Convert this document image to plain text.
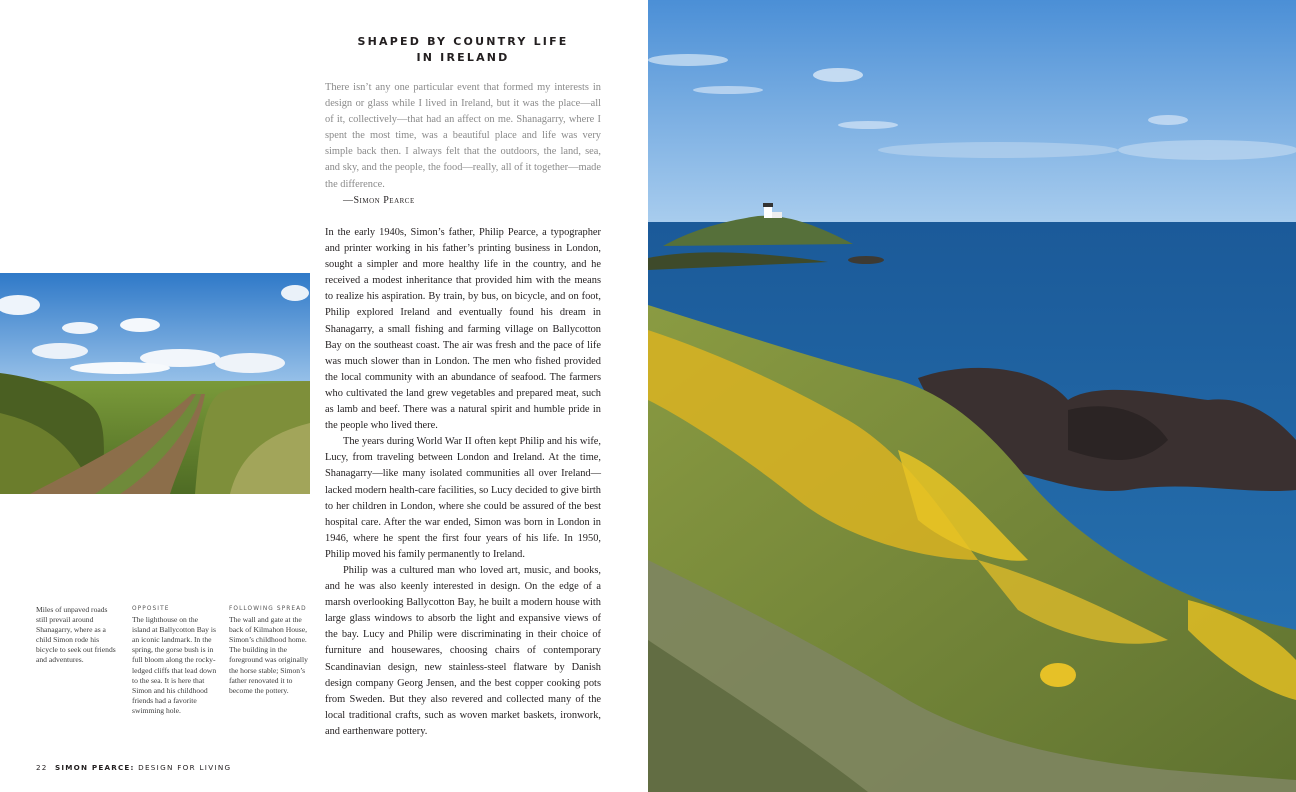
SHAPED BY COUNTRY LIFE
IN IRELAND

There isn’t any one particular event that formed my interests in design or glass while I lived in Ireland, but it was the place—all of it, collectively—that had an affect on me. Shanagarry, where I spent the most time, was a beautiful place and life was very simple back then. I always felt that the outdoors, the land, sea, and sky, and the people, the food—really, all of it together—made the difference.

—Simon Pearce

In the early 1940s, Simon’s father, Philip Pearce, a typographer and printer working in his father’s printing business in London, sought a simpler and more healthy life in the country, and he received a modest inheritance that provided him with the means to realize his aspiration. By train, by bus, on bicycle, and on foot, Philip explored Ireland and eventually found his dream in Shanagarry, a small fishing and farming village on Ballycotton Bay on the southeast coast. The air was fresh and the pace of life was much slower than in London. The men who fished provided the local community with an abundance of seafood. The farmers who cultivated the land grew vegetables and prepared meat, such as lamb and beef. There was a natural spirit and humble pride in the people who lived there.

The years during World War II often kept Philip and his wife, Lucy, from traveling between London and Ireland. At the time, Shanagarry—like many isolated communities all over Ireland—lacked modern health-care facilities, so Lucy decided to give birth to her children in London, where she could be assured of the best hospital care. After the war ended, Simon was born in London in 1946, where he spent the first four years of his life. In 1950, Philip moved his family permanently to Ireland.

Philip was a cultured man who loved art, music, and books, and he was also keenly interested in design. On the edge of a marsh overlooking Ballycotton Bay, he built a modern house with large glass windows to absorb the light and expansive views of the bay. Lucy and Philip were discriminating in their choice of furniture and housewares, choosing chairs of contemporary Scandinavian design, new stainless-steel flatware by Danish design company Georg Jensen, and the best copper cooking pots from Sweden. But they also revered and collected many of the local traditional crafts, such as woven market baskets, ironwork, and earthenware pottery.

Miles of unpaved roads still prevail around Shanagarry, where as a child Simon rode his bicycle to seek out friends and adventures.
OPPOSITE
The lighthouse on the island at Ballycotton Bay is an iconic landmark. In the spring, the gorse bush is in full bloom along the rocky-ledged cliffs that lead down to the sea. It is here that Simon and his childhood friends had a favorite swimming hole.
FOLLOWING SPREAD
The wall and gate at the back of Kilmahon House, Simon’s childhood home. The building in the foreground was originally the horse stable; Simon’s father renovated it to become the pottery.
22 SIMON PEARCE: DESIGN FOR LIVING
